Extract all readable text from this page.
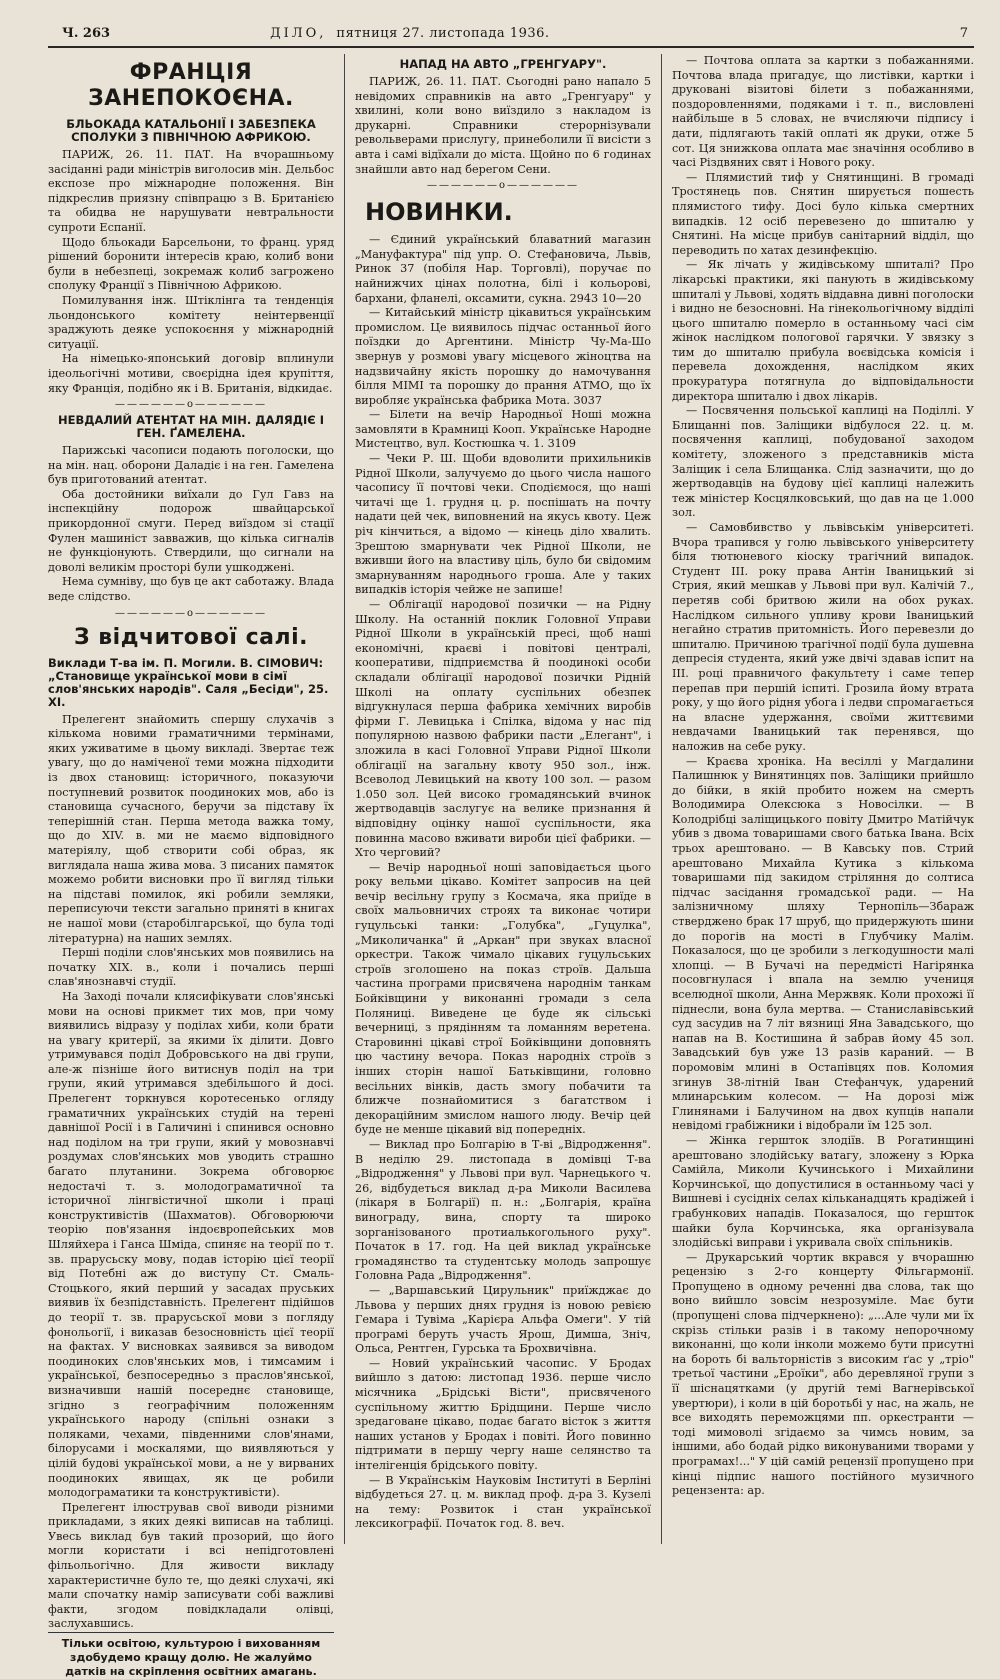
Ч. 263	ДІЛО, пятниця 27. листопада 1936.	7
ФРАНЦІЯ ЗАНЕПОКОЄНА.
БЛЬОКАДА КАТАЛЬОНІЇ І ЗАБЕЗПЕКА СПОЛУКИ З ПІВНІЧНОЮ АФРИКОЮ.

ПАРИЖ, 26. 11. ПАТ. На вчорашньому засіданні ради міністрів виголосив мін. Дельбос експозе про міжнародне положення. Він підкреслив приязну співпрацю з В. Британією та обидва не нарушувати невтральности супроти Еспанії.

Щодо бльокади Барсельони, то франц. уряд рішений боронити інтересів краю, колиб вони були в небезпеці, зокремаж колиб загрожено сполуку Франції з Північною Африкою.

Помилування інж. Штіклінга та тенденція льондонського комітету неінтервенції зраджують деяке успокоєння у міжнародній ситуації.

На німецько-японський договір вплинули ідеольогічні мотиви, своєрідна ідея крупіття, яку Франція, подібно як і В. Британія, відкидає.

——————o——————
НЕВДАЛИЙ АТЕНТАТ НА МІН. ДАЛЯДІЄ І ГЕН. ҐАМЕЛЕНА.

Парижські часописи подають поголоски, що на мін. нац. оборони Даладіє і на ген. Гамелена був приготований атентат.

Оба достойники виїхали до Гул Гавз на інспекційну подорож швайцарської прикордонної смуги. Перед виїздом зі стації Фулен машиніст завважив, що кілька сигналів не функціонують. Ствердили, що сигнали на доволі великім просторі були ушкоджені.

Нема сумніву, що був це акт саботажу. Влада веде слідство.

——————o——————
З відчитової салі.
Виклади Т-ва ім. П. Могили. В. СІМОВИЧ: „Становище української мови в сімї слов'янських народів". Саля „Бесіди", 25. XI.

Прелегент знайомить спершу слухачів з кількома новими граматичними термінами, яких уживатиме в цьому викладі. Звертає теж увагу, що до наміченої теми можна підходити із двох становищ: історичного, показуючи поступневий розвиток поодиноких мов, або із становища сучасного, беручи за підставу їх теперішній стан. Перша метода важка тому, що до XIV. в. ми не маємо відповідного матеріялу, щоб створити собі образ, як виглядала наша жива мова. З писаних памяток можемо робити висновки про її вигляд тільки на підставі помилок, які робили земляки, переписуючи тексти загально приняті в книгах не нашої мови (старобілгарської, що була тоді літературна) на наших землях.

Перші поділи слов'янських мов появились на початку XIX. в., коли і почались перші слав'янознавчі студії.

На Заході почали клясифікувати слов'янські мови на основі прикмет тих мов, при чому виявились відразу у поділах хиби, коли брати на увагу критерії, за якими їх ділити. Довго утримувався поділ Добровського на дві групи, але-ж пізніше його витиснув поділ на три групи, який утримався здебільшого й досі. Прелегент торкнувся коротесенько огляду граматичних українських студій на терені давнішої Росії і в Галичині і спинився основно над поділом на три групи, який у мовознавчі роздумах слов'янських мов уводить страшно багато плутанини. Зокрема обговорює недостачі т. з. молодограматичної та історичної лінгвістичної школи і праці конструктивістів (Шахматов). Обговорюючи теорію пов'язання індоєвропейських мов Шляйхера і Ганса Шміда, спиняє на теорії по т. зв. прарусьску мову, подав історію цієї теорії від Потебні аж до виступу Ст. Смаль-Стоцького, який перший у засадах пруських виявив їх безпідставність. Прелегент підійшов до теорії т. зв. прарусьскої мови з погляду фонольогії, і виказав безосновність цієї теорії на фактах. У висновках заявився за виводом поодиноких слов'янських мов, і тимсамим і української, безпосередньо з праслов'янської, визначивши нашій посереднє становище, згідно з географічним положенням українського народу (спільні ознаки з поляками, чехами, південними слов'янами, білорусами і москалями, що виявляються у цілій будові української мови, а не у вирваних поодиноких явищах, як це робили молодограматики та конструктивісти).

Прелегент ілюстрував свої виводи різними прикладами, з яких деякі виписав на таблиці. Увесь виклад був такий прозорий, що його могли користати і всі непідготовлені фільольогічно. Для живости викладу характеристичне було те, що деякі слухачі, які мали спочатку намір записувати собі важливі факти, згодом повідкладали олівці, заслухавшись.

Тільки освітою, культурою і вихованням здобудемо кращу долю. Не жалуймо датків на скріплення освітних амагань.
НАПАД НА АВТО „ГРЕНГУАРУ".

ПАРИЖ, 26. 11. ПАТ. Сьогодні рано напало 5 невідомих справників на авто „Гренгуару" у хвилині, коли воно виїздило з накладом із друкарні. Справники стерорнізували револьверами прислугу, принеболили її висісти з авта і самі відїхали до міста. Щойно по 6 годинах знайшли авто над берегом Сени.

——————o——————
НОВИНКИ.

— Єдиний український блаватний магазин „Мануфактура" під упр. О. Стефановича, Львів, Ринок 37 (побіля Нар. Торговлі), поручає по найнижчих цінах полотна, білі і кольорові, бархани, фланелі, оксамити, сукна. 2943 10—20

— Китайський міністр цікавиться українським промислом. Це виявилось підчас останньої його поїздки до Аргентини. Міністр Чу-Ма-Шо звернув у розмові увагу місцевого жіноцтва на надзвичайну якість порошку до намочування білля МІМІ та порошку до прання АТМО, що їх виробляє українська фабрика Мота. 3037

— Білети на вечір Народньої Ноші можна замовляти в Крамниці Кооп. Українське Народне Мистецтво, вул. Костюшка ч. 1. 3109

— Чеки Р. Ш. Щоби вдоволити прихильників Рідної Школи, залучуємо до цього числа нашого часопису її почтові чеки. Сподіємося, що наші читачі ще 1. грудня ц. р. поспішать на почту надати цей чек, виповнений на якусь квоту. Цеж річ кінчиться, а відомо — кінець діло хвалить. Зрештою змарнувати чек Рідної Школи, не вживши його на властиву ціль, було би свідомим змарнуванням народнього гроша. Але у таких випадків історія чейже не запише!

— Облігації народової позички — на Рідну Школу. На останній поклик Головної Управи Рідної Школи в українській пресі, щоб наші економічні, краєві і повітові централі, кооперативи, підприємства й поодинокі особи складали облігації народової позички Рідній Школі на оплату суспільних обезпек відгукнулася перша фабрика хемічних виробів фірми Г. Левицька і Спілка, відома у нас під популярною назвою фабрики пасти „Елегант", і зложила в касі Головної Управи Рідної Школи облігації на загальну квоту 950 зол., інж. Всеволод Левицький на квоту 100 зол. — разом 1.050 зол. Цей високо громадянський вчинок жертводавців заслугує на велике признання й відповідну оцінку нашої суспільности, яка повинна масово вживати вироби цієї фабрики. — Хто черговий?

— Вечір народньої ноші заповідається цього року вельми цікаво. Комітет запросив на цей вечір весільну групу з Космача, яка приїде в своїх мальовничих строях та виконає чотири гуцульські танки: „Голубка", „Гуцулка", „Миколичанка" й „Аркан" при звуках власної оркестри. Також чимало цікавих гуцульських строїв зголошено на показ строїв. Дальша частина програми присвячена народнім танкам Бойківщини у виконанні громади з села Поляниці. Виведене це буде як сільські вечерниці, з прядінням та ломанням веретена. Старовинні цікаві строї Бойківщини доповнять цю частину вечора. Показ народніх строїв з інших сторін нашої Батьківщини, головно весільних вінків, дасть змогу побачити та ближче познайомитися з багатством і декораційним змислом нашого люду. Вечір цей буде не менше цікавий від попередніх.

— Виклад про Болгарію в Т-ві „Відродження". В неділю 29. листопада в домівці Т-ва „Відродження" у Львові при вул. Чарнецького ч. 26, відбудеться виклад д-ра Миколи Василева (лікаря в Болгарії) п. н.: „Болгарія, країна винограду, вина, спорту та широко зорганізованого протиалькогольного руху". Початок в 17. год. На цей виклад українське громадянство та студентську молодь запрошує Головна Рада „Відродження".

— „Варшавський Цирульник" приїжджає до Львова у перших днях грудня із новою ревією Гемара і Тувіма „Карієра Альфа Омеги". У тій програмі беруть участь Ярош, Димша, Зніч, Ольса, Рентген, Гурська та Брохвичівна.

— Новий український часопис. У Бродах вийшло з датою: листопад 1936. перше число місячника „Брідські Вісти", присвяченого суспільному життю Брідщини. Перше число зредаговане цікаво, подає багато вісток з життя наших установ у Бродах і повіті. Його повинно підтримати в першу чергу наше селянство та інтелігенція брідського повіту.

— В Українськім Науковім Інституті в Берліні відбудеться 27. ц. м. виклад проф. д-ра З. Кузелі на тему: Розвиток і стан української лексикографії. Початок год. 8. веч.

— Почтова оплата за картки з побажаннями. Почтова влада пригадує, що листівки, картки і друковані візитові білети з побажаннями, поздоровленнями, подяками і т. п., висловлені найбільше в 5 словах, не вчисляючи підпису і дати, підлягають такій оплаті як друки, отже 5 сот. Ця знижкова оплата має значіння особливо в часі Різдвяних свят і Нового року.

— Плямистий тиф у Снятинщині. В громаді Тростянець пов. Снятин ширується пошесть плямистого тифу. Досі було кілька смертних випадків. 12 осіб перевезено до шпиталю у Снятині. На місце прибув санітарний відділ, що переводить по хатах дезинфекцію.

— Як лічать у жидівському шпиталі? Про лікарські практики, які панують в жидівському шпиталі у Львові, ходять віддавна дивні поголоски і видно не безосновні. На гінекольогічному відділі цього шпиталю померло в останньому часі сім жінок наслідком пологової гарячки. У звязку з тим до шпиталю прибула воєвідська комісія і перевела дохождення, наслідком яких прокуратура потягнула до відповідальности директора шпиталю і двох лікарів.

— Посвячення польської каплиці на Поділлі. У Блищанні пов. Заліщики відбулося 22. ц. м. посвячення каплиці, побудованої заходом комітету, зложеного з представників міста Заліщик і села Блищанка. Слід зазначити, що до жертводавців на будову цієї каплиці належить теж міністер Косцялковський, що дав на це 1.000 зол.

— Самовбивство у львівськім університеті. Вчора трапився у голю львівського університету біля тютюневого кіоску трагічний випадок. Студент III. року права Антін Іваницький зі Стрия, який мешкав у Львові при вул. Калічій 7., перетяв собі бритвою жили на обох руках. Наслідком сильного упливу крови Іваницький негайно стратив притомність. Його перевезли до шпиталю. Причиною трагічної події була душевна депресія студента, який уже двічі здавав іспит на III. році правничого факультету і саме тепер перепав при першій іспиті. Грозила йому втрата року, у що його рідня убога і ледви спромагається на власне удержання, своїми життєвими невдачами Іваницький так перенявся, що наложив на себе руку.

— Краєва хроніка. На весіллі у Магдалини Палишнюк у Винятинцях пов. Заліщики прийшло до бійки, в якій пробито ножем на смерть Володимира Олексюка з Новосілки. — В Колодрібці заліщицького повіту Дмитро Матійчук убив з двома товаришами свого батька Івана. Всіх трьох арештовано. — В Кавську пов. Стрий арештовано Михайла Кутика з кількома товаришами під закидом стріляння до солтиса підчас засідання громадської ради. — На залізничному шляху Тернопіль—Збараж стверджено брак 17 шруб, що придержують шини до порогів на мості в Глубчику Малім. Показалося, що це зробили з легкодушности малі хлопці. — В Бучачі на передмісті Нагірянка посовгнулася і впала на землю учениця вселюдної школи, Анна Мержвяк. Коли прохожі її піднесли, вона була мертва. — Станиславівський суд засудив на 7 літ вязниці Яна Завадського, що напав на В. Костишина й забрав йому 45 зол. Завадський був уже 13 разів караний. — В поромовім млині в Остапівцях пов. Коломия згинув 38-літній Іван Стефанчук, ударений млинарським колесом. — На дорозі між Глинянами і Балучином на двох купців напали невідомі грабіжники і відобрали їм 125 зол.

— Жінка гершток злодіїв. В Рогатинщині арештовано злодійську ватагу, зложену з Юрка Самійла, Миколи Кучинського і Михайлини Корчинської, що допустилися в останньому часі у Вишневі і сусідніх селах кільканадцять крадіжей і грабункових нападів. Показалося, що гершток шайки була Корчинська, яка організувала злодійські виправи і укривала своїх спільників.

— Друкарський чортик вкрався у вчорашню рецензію з 2-го концерту Фільгармонії. Пропущено в одному реченні два слова, так що воно вийшло зовсім незрозуміле. Має бути (пропущені слова підчеркнено): „...Але чули ми їх скрізь стільки разів і в такому непорочному виконанні, що коли інколи можемо бути присутні на бороть бі вальторністів з високим ґас у „тріо" третьої частини „Ероїки", або деревляної групи з її шіснацятками (у другій темі Вагнерівської увертюри), і коли в цій боротьбі у нас, на жаль, не все виходять переможцями пп. оркестранти — тоді мимоволі згідаємо за чимсь новим, за іншими, або бодай рідко виконуваними творами у програмах!..." У цій самій рецензії пропущено при кінці підпис нашого постійного музичного рецензента: ар.
